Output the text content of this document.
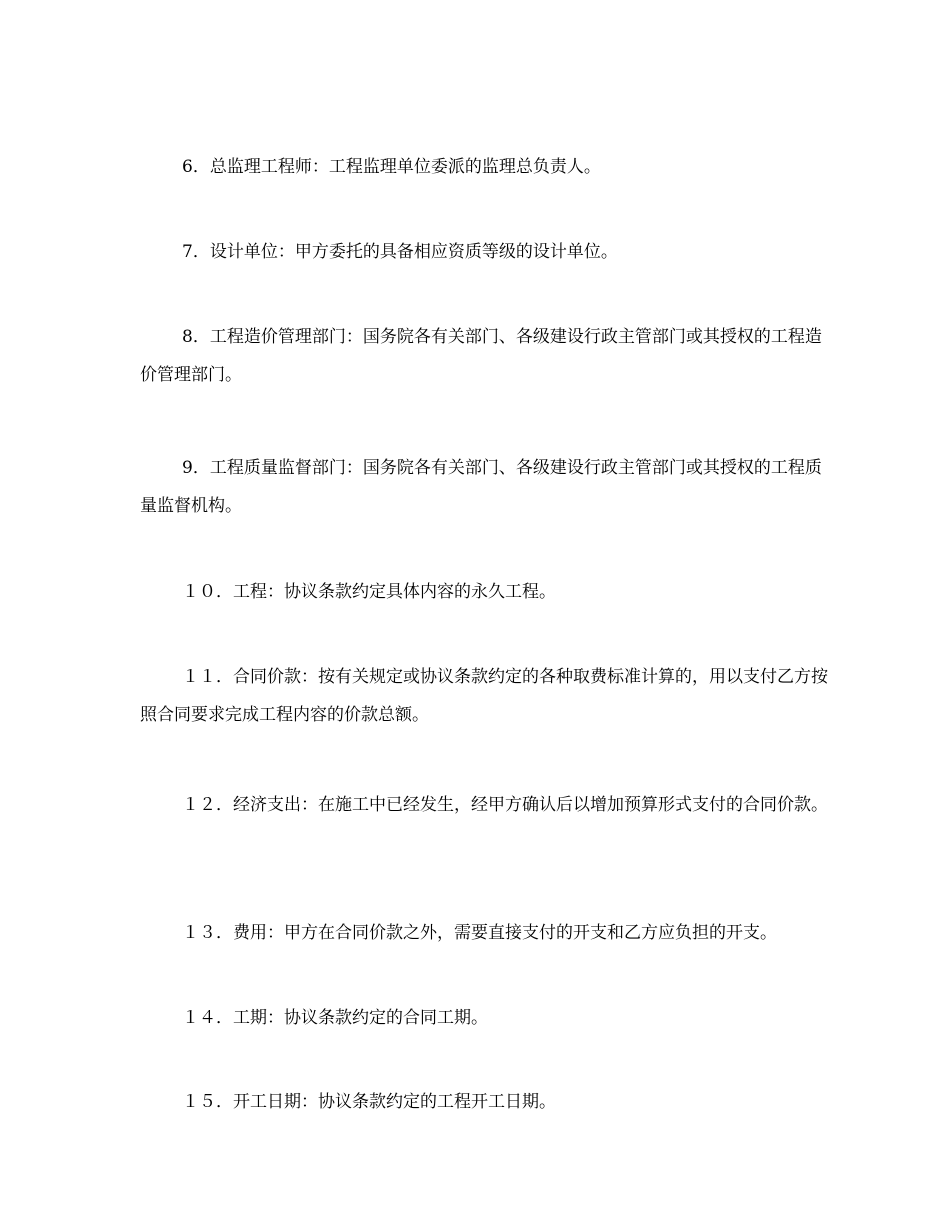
6．总监理工程师：工程监理单位委派的监理总负责人。

7．设计单位：甲方委托的具备相应资质等级的设计单位。

8．工程造价管理部门：国务院各有关部门、各级建设行政主管部门或其授权的工程造价管理部门。

9．工程质量监督部门：国务院各有关部门、各级建设行政主管部门或其授权的工程质量监督机构。

１０．工程：协议条款约定具体内容的永久工程。

１１．合同价款：按有关规定或协议条款约定的各种取费标准计算的，用以支付乙方按照合同要求完成工程内容的价款总额。

１２．经济支出：在施工中已经发生，经甲方确认后以增加预算形式支付的合同价款。

１３．费用：甲方在合同价款之外，需要直接支付的开支和乙方应负担的开支。

１４．工期：协议条款约定的合同工期。

１５．开工日期：协议条款约定的工程开工日期。
